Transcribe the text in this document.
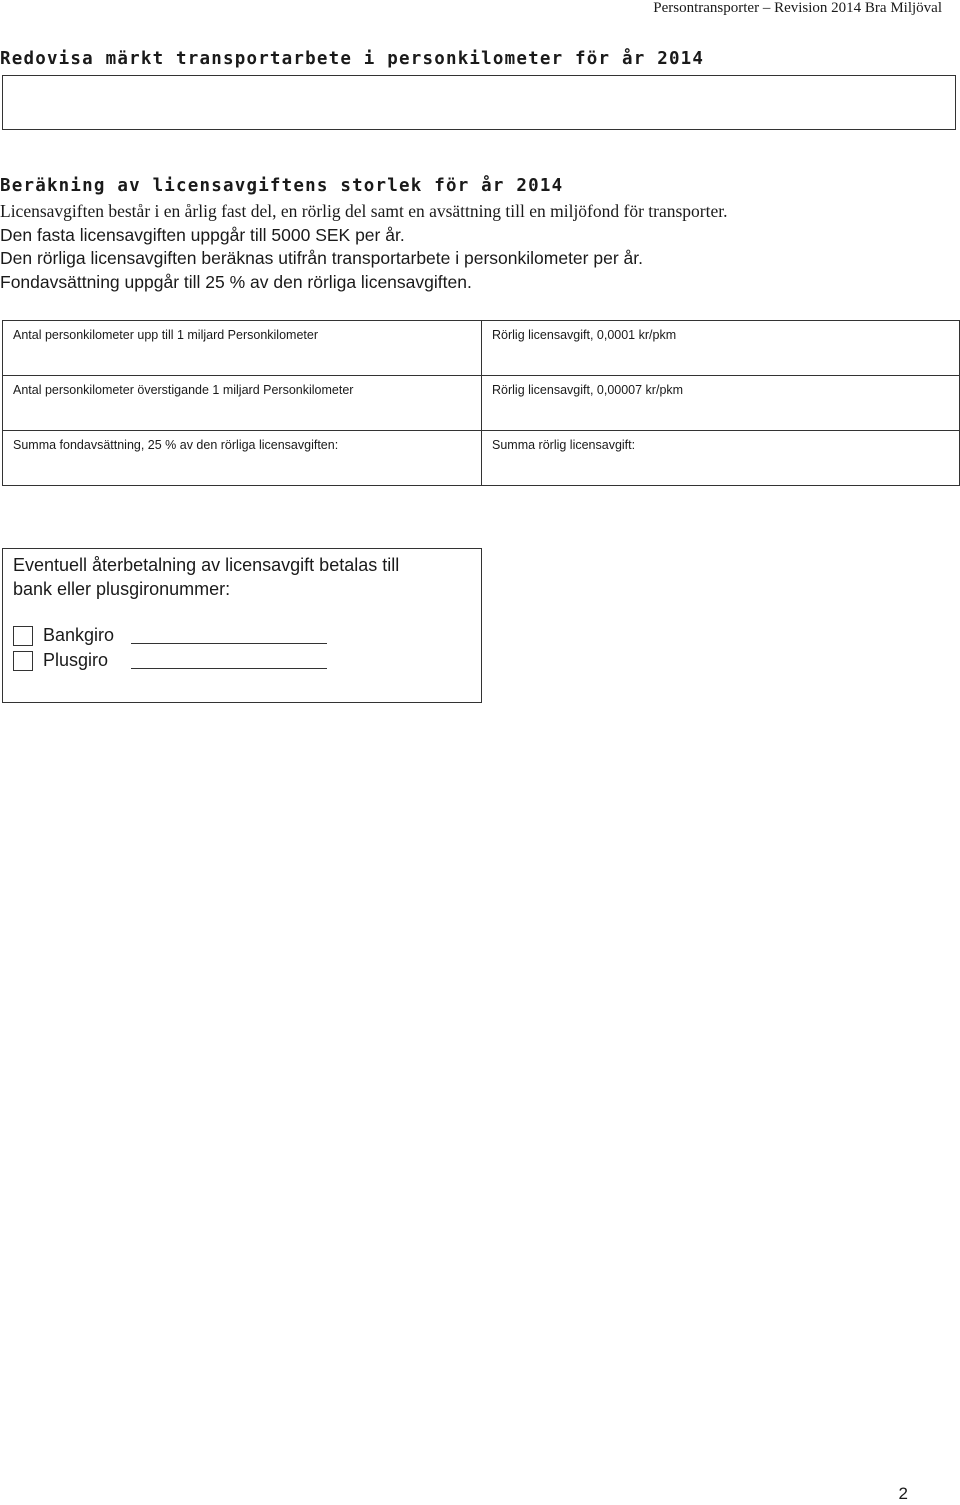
Persontransporter – Revision 2014 Bra Miljöval
Redovisa märkt transportarbete i personkilometer för år 2014
Beräkning av licensavgiftens storlek för år 2014
Licensavgiften består i en årlig fast del, en rörlig del samt en avsättning till en miljöfond för transporter.
Den fasta licensavgiften uppgår till 5000 SEK per år.
Den rörliga licensavgiften beräknas utifrån transportarbete i personkilometer per år.
Fondavsättning uppgår till 25 % av den rörliga licensavgiften.
Antal personkilometer upp till 1 miljard Personkilometer	Rörlig licensavgift, 0,0001 kr/pkm
Antal personkilometer överstigande 1 miljard Personkilometer	Rörlig licensavgift, 0,00007 kr/pkm
Summa fondavsättning, 25 % av den rörliga licensavgiften:	Summa rörlig licensavgift:

Eventuell återbetalning av licensavgift betalas till
bank eller plusgironummer:

Bankgiro
Plusgiro
2
